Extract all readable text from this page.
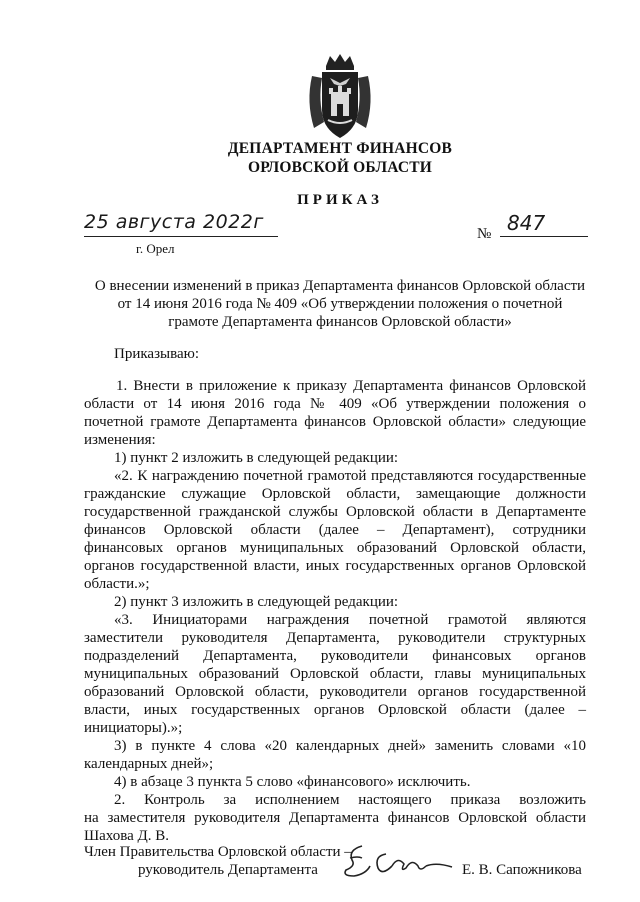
ДЕПАРТАМЕНТ ФИНАНСОВ
ОРЛОВСКОЙ ОБЛАСТИ
ПРИКАЗ
25 августа 2022г
г. Орел
№ 847
О внесении изменений в приказ Департамента финансов Орловской области
от 14 июня 2016 года № 409 «Об утверждении положения о почетной
грамоте Департамента финансов Орловской области»
Приказываю:
1. Внести в приложение к приказу Департамента финансов Орловской
области от 14 июня 2016 года № 409 «Об утверждении положения о
почетной грамоте Департамента финансов Орловской области» следующие
изменения:
1) пункт 2 изложить в следующей редакции:
«2. К награждению почетной грамотой представляются государственные
гражданские служащие Орловской области, замещающие должности
государственной гражданской службы Орловской области в Департаменте
финансов Орловской области (далее – Департамент), сотрудники
финансовых органов муниципальных образований Орловской области,
органов государственной власти, иных государственных органов Орловской
области.»;
2) пункт 3 изложить в следующей редакции:
«3. Инициаторами награждения почетной грамотой являются
заместители руководителя Департамента, руководители структурных
подразделений Департамента, руководители финансовых органов
муниципальных образований Орловской области, главы муниципальных
образований Орловской области, руководители органов государственной
власти, иных государственных органов Орловской области (далее –
инициаторы).»;
3) в пункте 4 слова «20 календарных дней» заменить словами «10
календарных дней»;
4) в абзаце 3 пункта 5 слово «финансового» исключить.
2. Контроль за исполнением настоящего приказа возложить
на заместителя руководителя Департамента финансов Орловской области
Шахова Д. В.
Член Правительства Орловской области –
руководитель Департамента	Е. В. Сапожникова
